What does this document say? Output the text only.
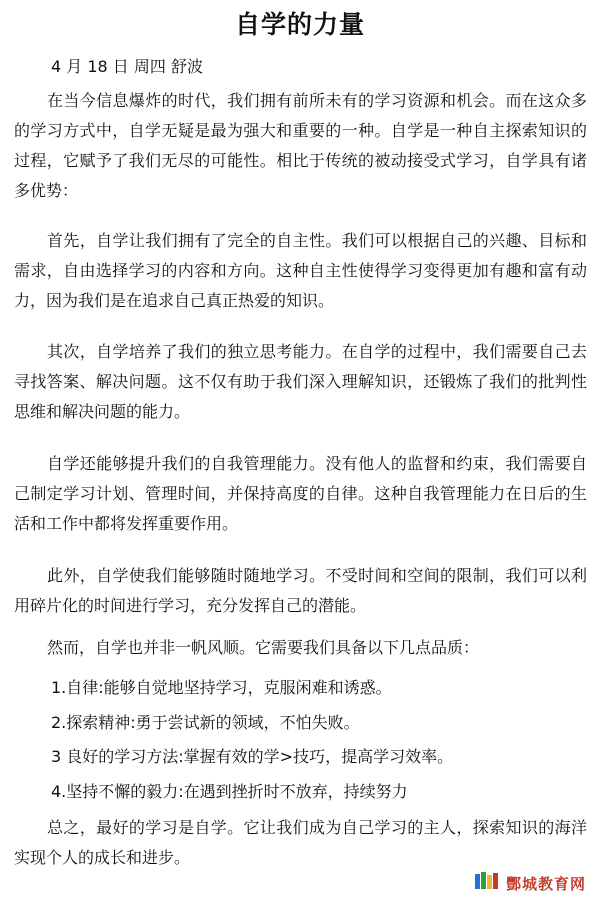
自学的力量
4 月 18 日 周四 舒波

在当今信息爆炸的时代，我们拥有前所未有的学习资源和机会。而在这众多的学习方式中，自学无疑是最为强大和重要的一种。自学是一种自主探索知识的过程，它赋予了我们无尽的可能性。相比于传统的被动接受式学习，自学具有诸多优势：

首先，自学让我们拥有了完全的自主性。我们可以根据自己的兴趣、目标和需求，自由选择学习的内容和方向。这种自主性使得学习变得更加有趣和富有动力，因为我们是在追求自己真正热爱的知识。

其次，自学培养了我们的独立思考能力。在自学的过程中，我们需要自己去寻找答案、解决问题。这不仅有助于我们深入理解知识，还锻炼了我们的批判性思维和解决问题的能力。

自学还能够提升我们的自我管理能力。没有他人的监督和约束，我们需要自己制定学习计划、管理时间，并保持高度的自律。这种自我管理能力在日后的生活和工作中都将发挥重要作用。

此外，自学使我们能够随时随地学习。不受时间和空间的限制，我们可以利用碎片化的时间进行学习，充分发挥自己的潜能。

然而，自学也并非一帆风顺。它需要我们具备以下几点品质：

1.自律:能够自觉地坚持学习，克服闲难和诱惑。

2.探索精神:勇于尝试新的领域，不怕失败。

3 良好的学习方法:掌握有效的学>技巧，提高学习效率。

4.坚持不懈的毅力:在遇到挫折时不放弃，持续努力

总之，最好的学习是自学。它让我们成为自己学习的主人，探索知识的海洋实现个人的成长和进步。

酆城教育网
